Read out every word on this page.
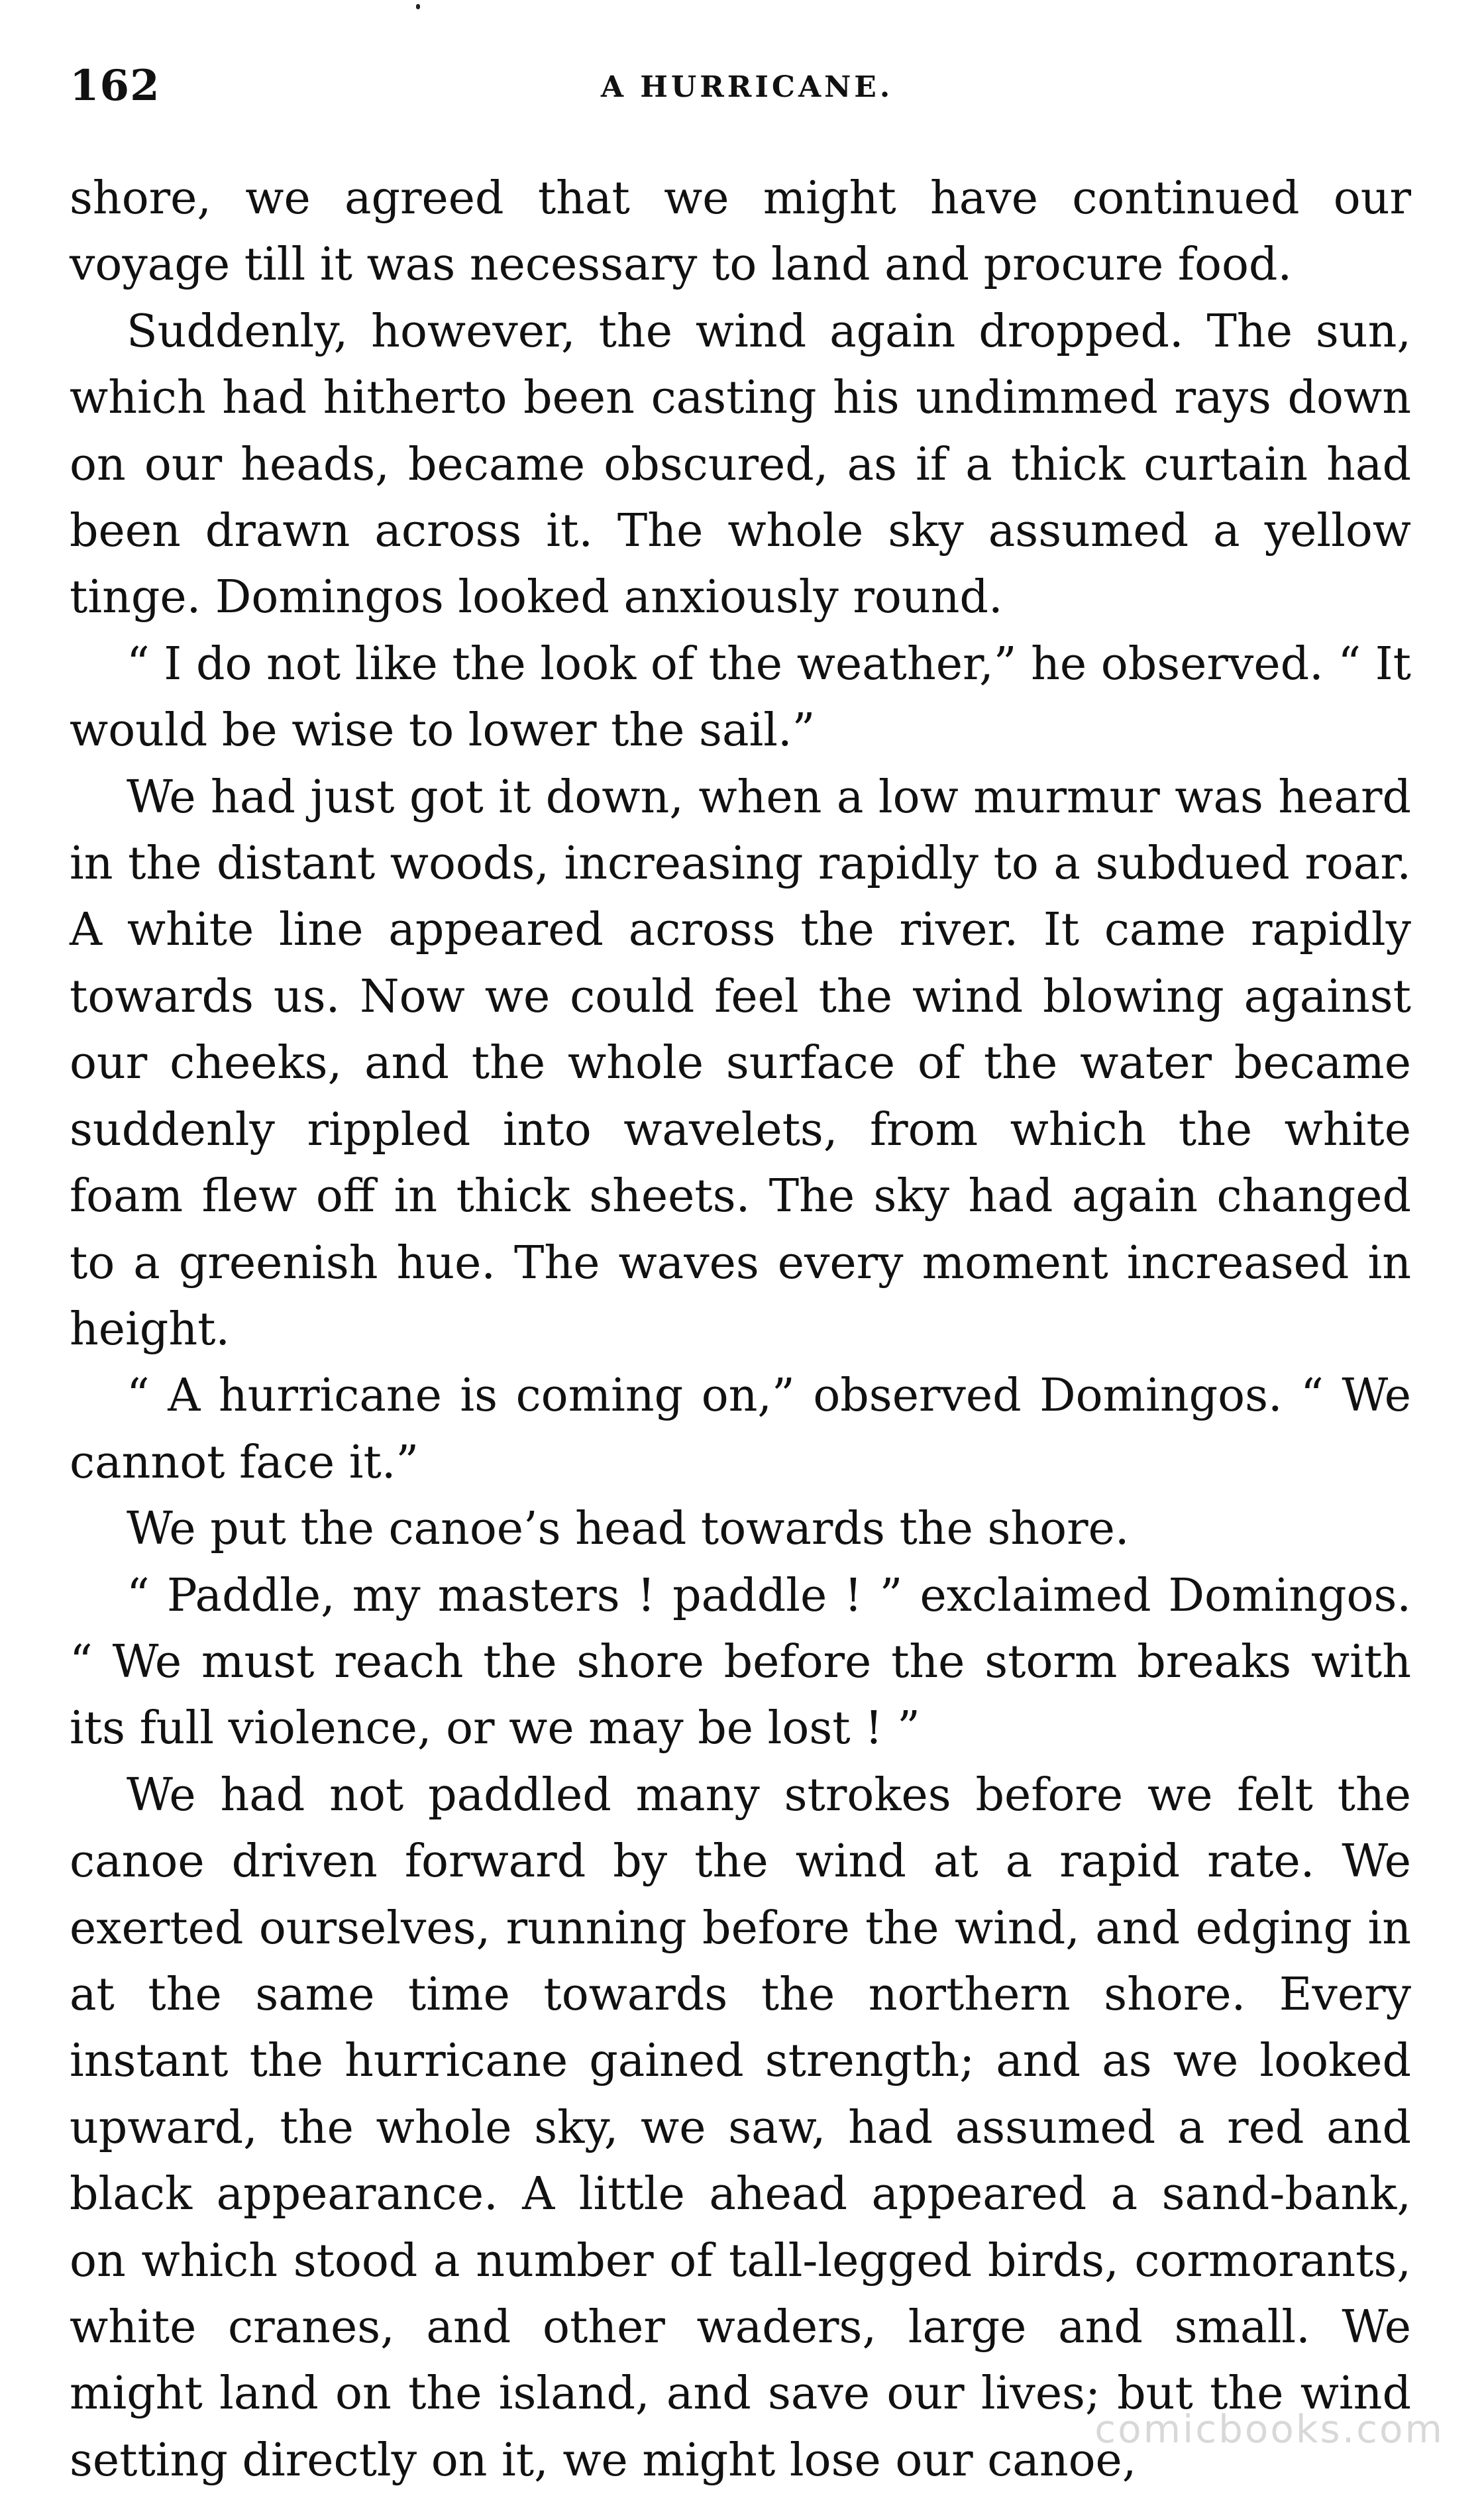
162	A HURRICANE.

shore, we agreed that we might have continued our voyage till it was necessary to land and procure food.

Suddenly, however, the wind again dropped. The sun, which had hitherto been casting his undimmed rays down on our heads, became obscured, as if a thick curtain had been drawn across it. The whole sky assumed a yellow tinge. Domingos looked anxiously round.

“ I do not like the look of the weather,” he observed. “ It would be wise to lower the sail.”

We had just got it down, when a low murmur was heard in the distant woods, increasing rapidly to a subdued roar. A white line appeared across the river. It came rapidly towards us. Now we could feel the wind blowing against our cheeks, and the whole surface of the water became suddenly rippled into wavelets, from which the white foam flew off in thick sheets. The sky had again changed to a greenish hue. The waves every moment increased in height.

“ A hurricane is coming on,” observed Domingos. “ We cannot face it.”

We put the canoe’s head towards the shore.

“ Paddle, my masters ! paddle ! ” exclaimed Domingos. “ We must reach the shore before the storm breaks with its full violence, or we may be lost ! ”

We had not paddled many strokes before we felt the canoe driven forward by the wind at a rapid rate. We exerted ourselves, running before the wind, and edging in at the same time towards the northern shore. Every instant the hurricane gained strength; and as we looked upward, the whole sky, we saw, had assumed a red and black appearance. A little ahead appeared a sand-bank, on which stood a number of tall-legged birds, cormorants, white cranes, and other waders, large and small. We might land on the island, and save our lives; but the wind setting directly on it, we might lose our canoe,

comicbooks.com
